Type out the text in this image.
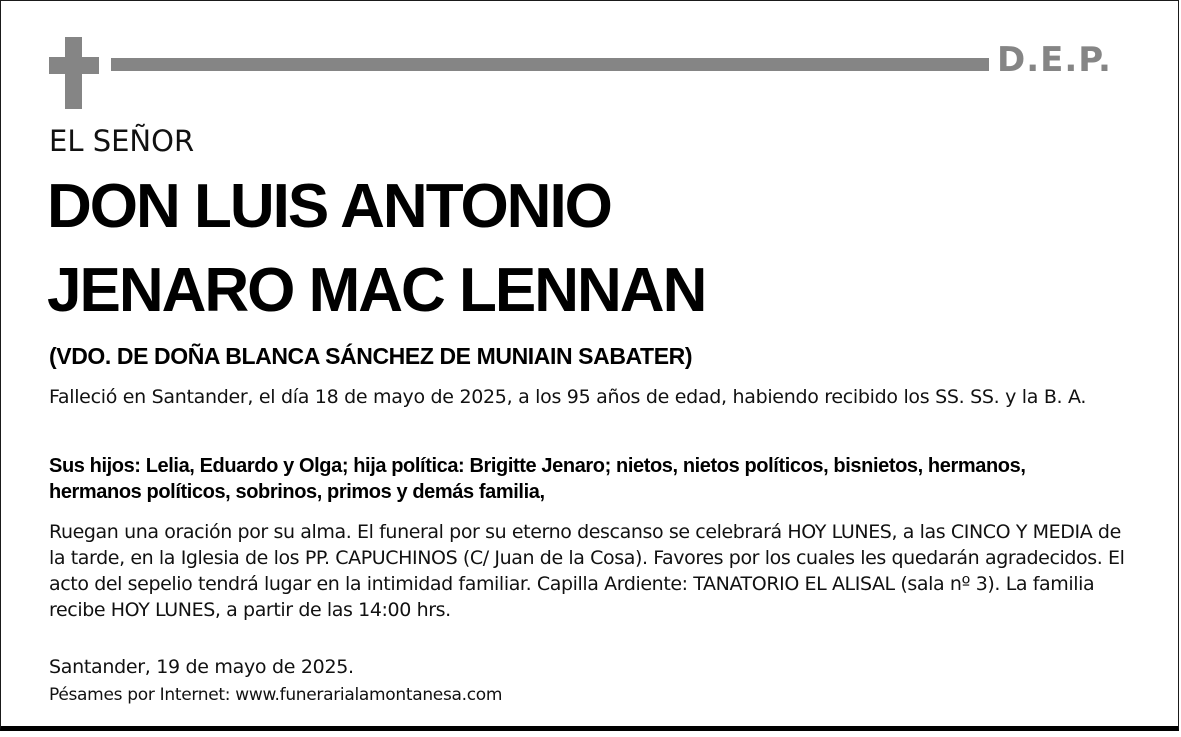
D.E.P.
EL SEÑOR
DON LUIS ANTONIO
JENARO MAC LENNAN
(VDO. DE DOÑA BLANCA SÁNCHEZ DE MUNIAIN SABATER)
Falleció en Santander, el día 18 de mayo de 2025, a los 95 años de edad, habiendo recibido los SS. SS. y la B. A.
Sus hijos: Lelia, Eduardo y Olga; hija política: Brigitte Jenaro; nietos, nietos políticos, bisnietos, hermanos, hermanos políticos, sobrinos, primos y demás familia,
Ruegan una oración por su alma. El funeral por su eterno descanso se celebrará HOY LUNES, a las CINCO Y MEDIA de la tarde, en la Iglesia de los PP. CAPUCHINOS (C/ Juan de la Cosa). Favores por los cuales les quedarán agradecidos. El acto del sepelio tendrá lugar en la intimidad familiar. Capilla Ardiente: TANATORIO EL ALISAL (sala nº 3). La familia recibe HOY LUNES, a partir de las 14:00 hrs.
Santander, 19 de mayo de 2025.
Pésames por Internet: www.funerarialamontanesa.com
